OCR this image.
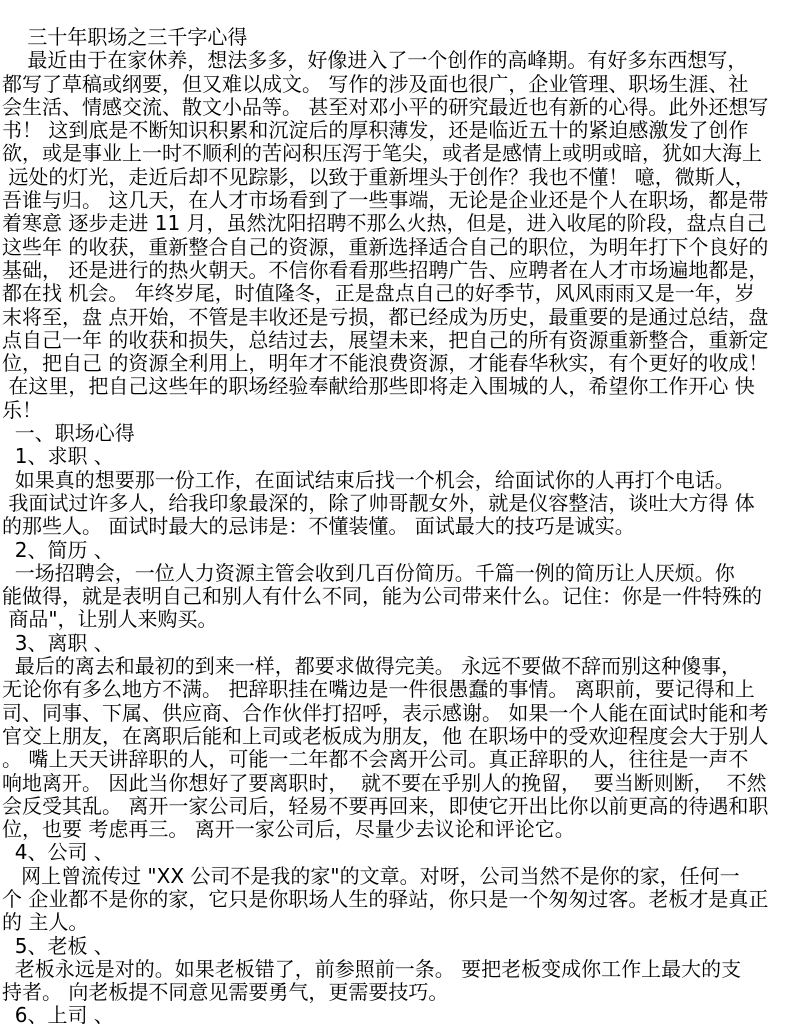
三十年职场之三千字心得
最近由于在家休养，想法多多，好像进入了一个创作的高峰期。有好多东西想写，
都写了草稿或纲要，但又难以成文。 写作的涉及面也很广，企业管理、职场生涯、社
会生活、情感交流、散文小品等。 甚至对邓小平的研究最近也有新的心得。此外还想写
书！ 这到底是不断知识积累和沉淀后的厚积薄发，还是临近五十的紧迫感激发了创作
欲，或是事业上一时不顺利的苦闷积压泻于笔尖，或者是感情上或明或暗，犹如大海上
远处的灯光，走近后却不见踪影，以致于重新埋头于创作？我也不懂！ 噫，微斯人，
吾谁与归。 这几天，在人才市场看到了一些事端，无论是企业还是个人在职场，都是带
着寒意 逐步走进 11 月，虽然沈阳招聘不那么火热，但是，进入收尾的阶段，盘点自己
这些年 的收获，重新整合自己的资源，重新选择适合自己的职位，为明年打下个良好的
基础， 还是进行的热火朝天。不信你看看那些招聘广告、应聘者在人才市场遍地都是，
都在找 机会。 年终岁尾，时值隆冬，正是盘点自己的好季节，风风雨雨又是一年，岁
末将至，盘 点开始，不管是丰收还是亏损，都已经成为历史，最重要的是通过总结，盘
点自己一年 的收获和损失，总结过去，展望未来，把自己的所有资源重新整合，重新定
位，把自己 的资源全利用上，明年才不能浪费资源，才能春华秋实，有个更好的收成！
在这里，把自己这些年的职场经验奉献给那些即将走入围城的人，希望你工作开心 快
乐！
一、职场心得
1、求职 、
如果真的想要那一份工作，在面试结束后找一个机会，给面试你的人再打个电话。
我面试过许多人，给我印象最深的，除了帅哥靓女外，就是仪容整洁，谈吐大方得 体
的那些人。 面试时最大的忌讳是：不懂装懂。 面试最大的技巧是诚实。
2、简历 、
一场招聘会，一位人力资源主管会收到几百份简历。千篇一例的简历让人厌烦。你
能做得，就是表明自己和别人有什么不同，能为公司带来什么。记住：你是一件特殊的
商品"，让别人来购买。
3、离职 、
最后的离去和最初的到来一样，都要求做得完美。 永远不要做不辞而别这种傻事，
无论你有多么地方不满。 把辞职挂在嘴边是一件很愚蠢的事情。 离职前，要记得和上
司、同事、下属、供应商、合作伙伴打招呼，表示感谢。 如果一个人能在面试时能和考
官交上朋友，在离职后能和上司或老板成为朋友，他 在职场中的受欢迎程度会大于别人
。 嘴上天天讲辞职的人，可能一二年都不会离开公司。真正辞职的人，往往是一声不
响地离开。 因此当你想好了要离职时，  就不要在乎别人的挽留，  要当断则断，  不然
会反受其乱。 离开一家公司后，轻易不要再回来，即使它开出比你以前更高的待遇和职
位，也要 考虑再三。 离开一家公司后，尽量少去议论和评论它。
4、公司 、
网上曾流传过 "XX 公司不是我的家"的文章。对呀，公司当然不是你的家，任何一
个 企业都不是你的家，它只是你职场人生的驿站，你只是一个匆匆过客。老板才是真正
的 主人。
5、老板 、
老板永远是对的。如果老板错了，前参照前一条。 要把老板变成你工作上最大的支
持者。 向老板提不同意见需要勇气，更需要技巧。
6、上司 、
